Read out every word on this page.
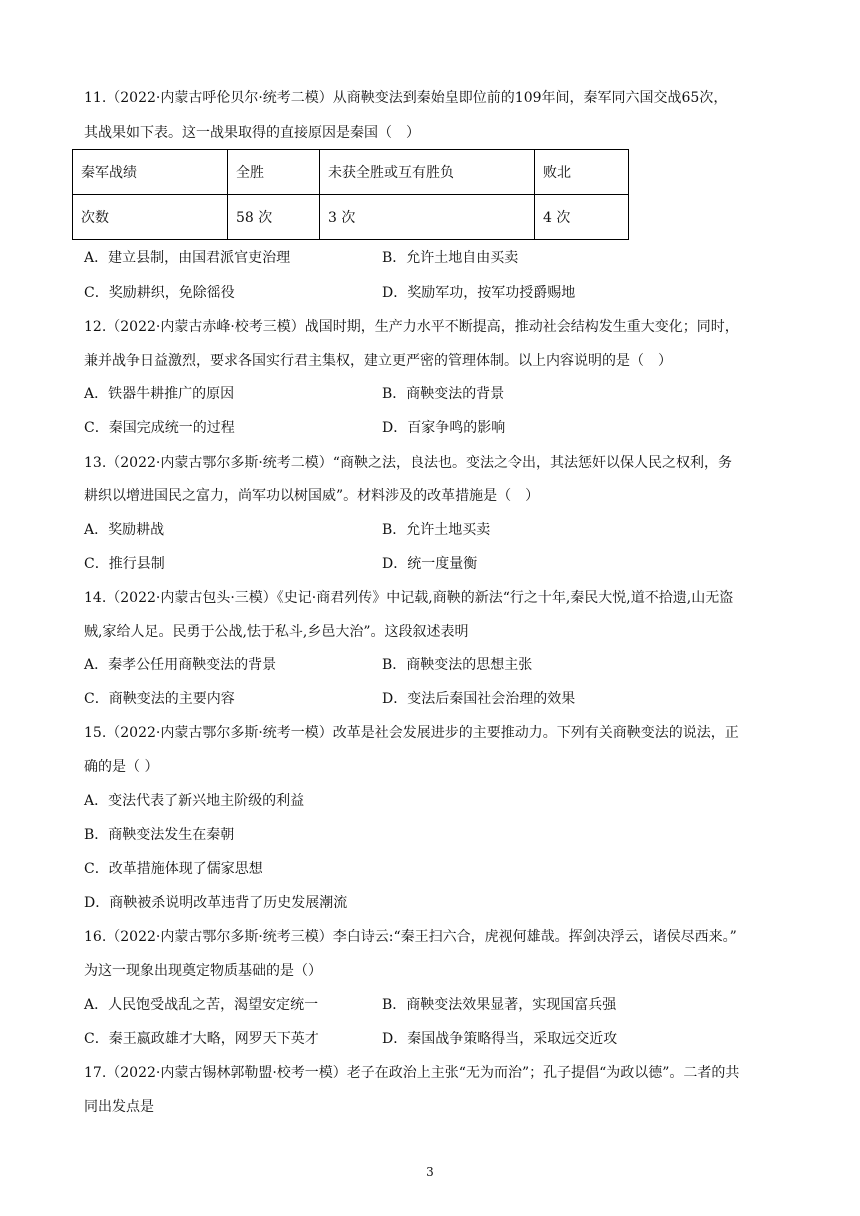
11.（2022·内蒙古呼伦贝尔·统考二模）从商鞅变法到秦始皇即位前的109年间，秦军同六国交战65次，
其战果如下表。这一战果取得的直接原因是秦国（　）
秦军战绩	全胜	未获全胜或互有胜负	败北
次数	58 次	3 次	4 次
A．建立县制，由国君派官吏治理	B．允许土地自由买卖
C．奖励耕织，免除徭役	D．奖励军功，按军功授爵赐地
12.（2022·内蒙古赤峰·校考三模）战国时期，生产力水平不断提高，推动社会结构发生重大变化；同时，
兼并战争日益激烈，要求各国实行君主集权，建立更严密的管理体制。以上内容说明的是（　）
A．铁器牛耕推广的原因	B．商鞅变法的背景
C．秦国完成统一的过程	D．百家争鸣的影响
13.（2022·内蒙古鄂尔多斯·统考二模）“商鞅之法，良法也。变法之令出，其法惩奸以保人民之权利，务
耕织以增进国民之富力，尚军功以树国威”。材料涉及的改革措施是（　）
A．奖励耕战	B．允许土地买卖
C．推行县制	D．统一度量衡
14.（2022·内蒙古包头·三模）《史记·商君列传》中记载,商鞅的新法“行之十年,秦民大悦,道不拾遗,山无盗
贼,家给人足。民勇于公战,怯于私斗,乡邑大治”。这段叙述表明
A．秦孝公任用商鞅变法的背景	B．商鞅变法的思想主张
C．商鞅变法的主要内容	D．变法后秦国社会治理的效果
15.（2022·内蒙古鄂尔多斯·统考一模）改革是社会发展进步的主要推动力。下列有关商鞅变法的说法，正
确的是（ ）
A．变法代表了新兴地主阶级的利益
B．商鞅变法发生在秦朝
C．改革措施体现了儒家思想
D．商鞅被杀说明改革违背了历史发展潮流
16.（2022·内蒙古鄂尔多斯·统考三模）李白诗云:“秦王扫六合，虎视何雄哉。挥剑决浮云，诸侯尽西来。”
为这一现象出现奠定物质基础的是（）
A．人民饱受战乱之苦，渴望安定统一	B．商鞅变法效果显著，实现国富兵强
C．秦王嬴政雄才大略，网罗天下英才	D．秦国战争策略得当，采取远交近攻
17.（2022·内蒙古锡林郭勒盟·校考一模）老子在政治上主张“无为而治”；孔子提倡“为政以德”。二者的共
同出发点是
3
